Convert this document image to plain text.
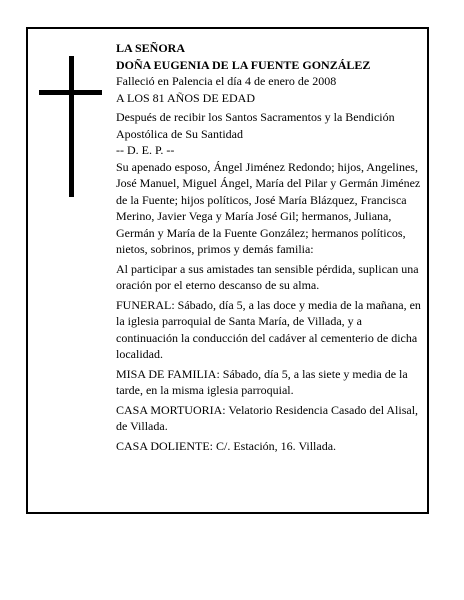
LA SEÑORA

DOÑA EUGENIA DE LA FUENTE GONZÁLEZ

Falleció en Palencia el día 4 de enero de 2008

A LOS 81 AÑOS DE EDAD

Después de recibir los Santos Sacramentos y la Bendición Apostólica de Su Santidad

-- D. E. P. --

Su apenado esposo, Ángel Jiménez Redondo; hijos, Angelines, José Manuel, Miguel Ángel, María del Pilar y Germán Jiménez de la Fuente; hijos políticos, José María Blázquez, Francisca Merino, Javier Vega y María José Gil; hermanos, Juliana, Germán y María de la Fuente González; hermanos políticos, nietos, sobrinos, primos y demás familia:

Al participar a sus amistades tan sensible pérdida, suplican una oración por el eterno descanso de su alma.

FUNERAL: Sábado, día 5, a las doce y media de la mañana, en la iglesia parroquial de Santa María, de Villada, y a continuación la conducción del cadáver al cementerio de dicha localidad.

MISA DE FAMILIA: Sábado, día 5, a las siete y media de la tarde, en la misma iglesia parroquial.

CASA MORTUORIA: Velatorio Residencia Casado del Alisal, de Villada.

CASA DOLIENTE: C/. Estación, 16. Villada.
